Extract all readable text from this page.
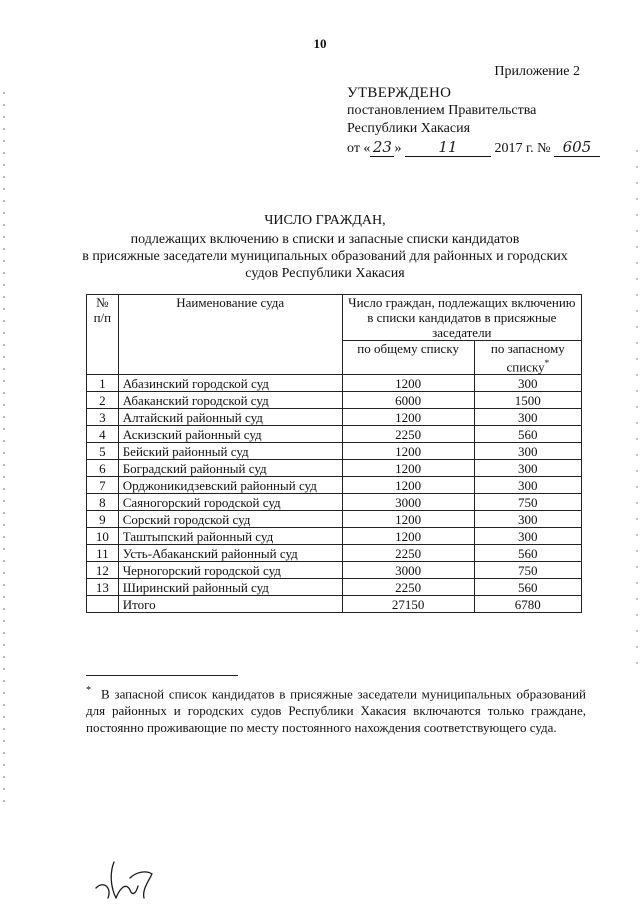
10
Приложение 2
УТВЕРЖДЕНО
постановлением Правительства
Республики Хакасия
от « 23 » 11	2017 г. № 605
ЧИСЛО ГРАЖДАН,
подлежащих включению в списки и запасные списки кандидатов
в присяжные заседатели муниципальных образований для районных и городских
судов Республики Хакасия
№ п/п	Наименование суда	Число граждан, подлежащих включению в списки кандидатов в присяжные заседатели	
		по общему списку	по запасному списку*
1	Абазинский городской суд	1200	300
2	Абаканский городской суд	6000	1500
3	Алтайский районный суд	1200	300
4	Аскизский районный суд	2250	560
5	Бейский районный суд	1200	300
6	Боградский районный суд	1200	300
7	Орджоникидзевский районный суд	1200	300
8	Саяногорский городской суд	3000	750
9	Сорский городской суд	1200	300
10	Таштыпский районный суд	1200	300
11	Усть-Абаканский районный суд	2250	560
12	Черногорский городской суд	3000	750
13	Ширинский районный суд	2250	560
	Итого	27150	6780
* В запасной список кандидатов в присяжные заседатели муниципальных образований для районных и городских судов Республики Хакасия включаются только граждане, постоянно проживающие по месту постоянного нахождения соответствующего суда.
